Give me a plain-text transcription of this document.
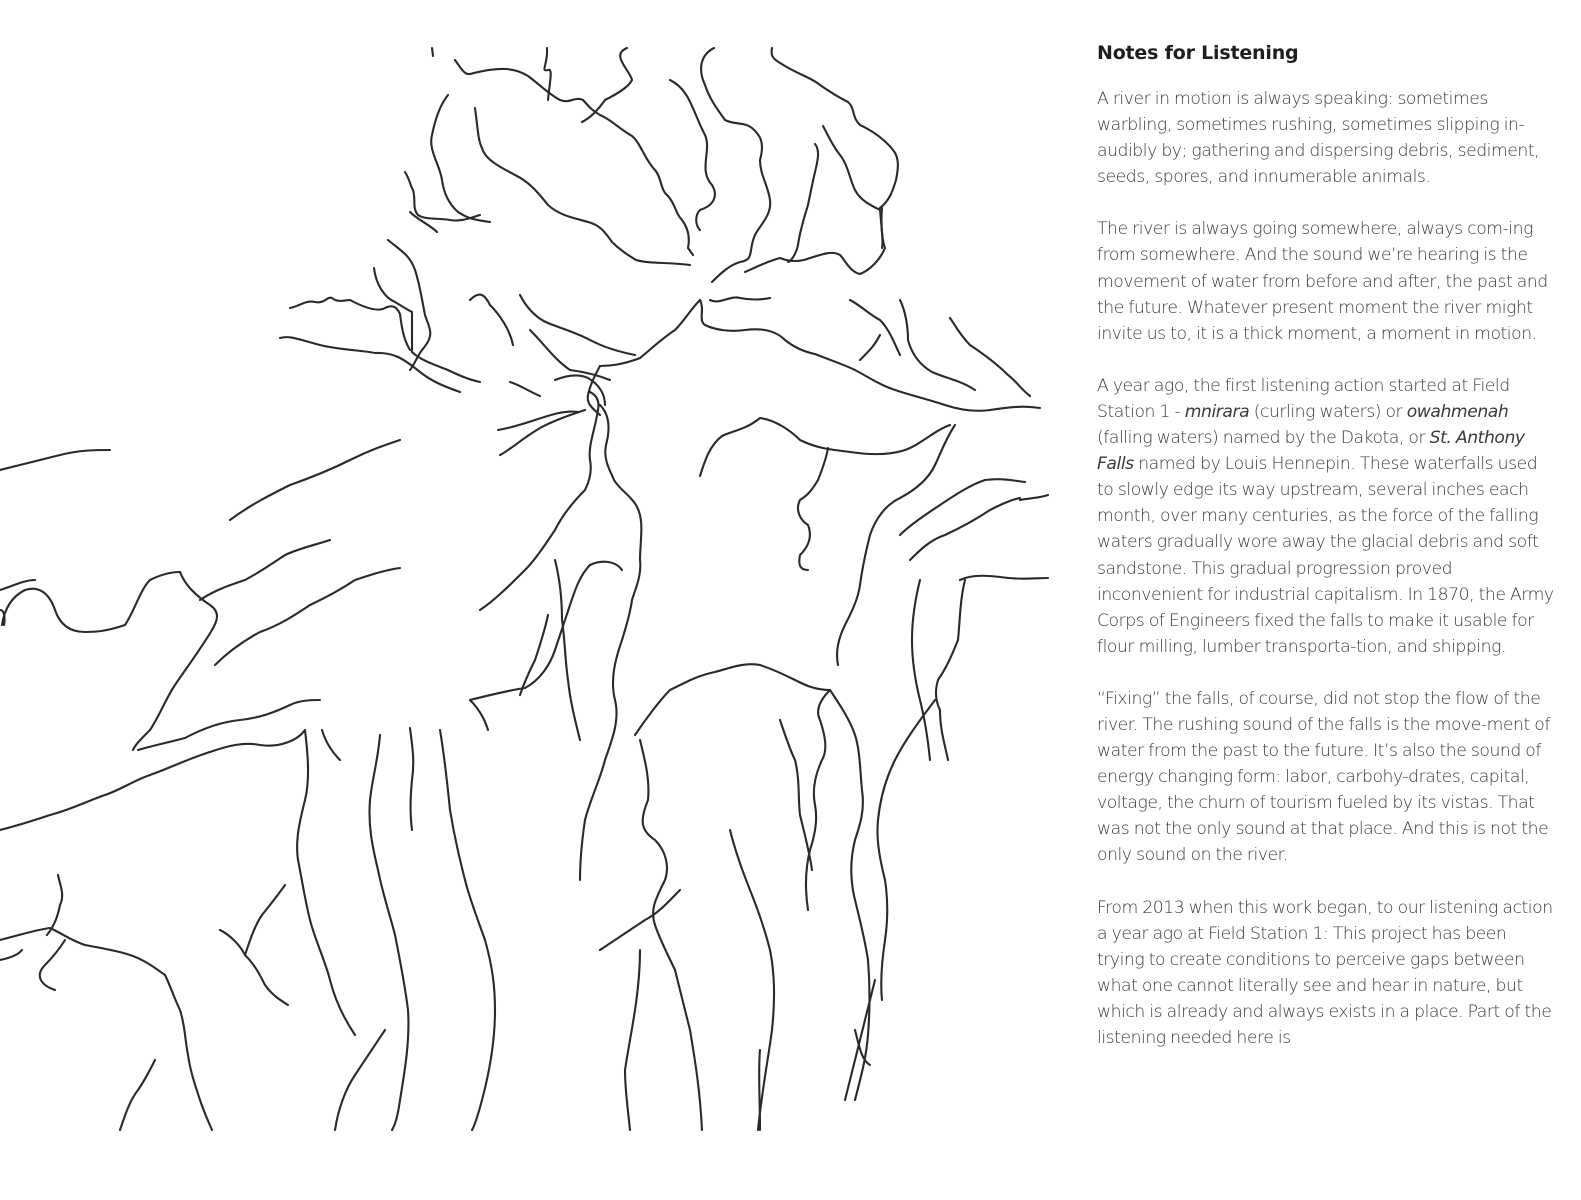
Notes for Listening

A river in motion is always speaking: sometimes warbling, sometimes rushing, sometimes slipping in-audibly by; gathering and dispersing debris, sediment, seeds, spores, and innumerable animals.

The river is always going somewhere, always com-ing from somewhere. And the sound we’re hearing is the movement of water from before and after, the past and the future. Whatever present moment the river might invite us to, it is a thick moment, a moment in motion.

A year ago, the first listening action started at Field Station 1 - mnirara (curling waters) or owahmenah (falling waters) named by the Dakota, or St. Anthony Falls named by Louis Hennepin. These waterfalls used to slowly edge its way upstream, several inches each month, over many centuries, as the force of the falling waters gradually wore away the glacial debris and soft sandstone. This gradual progression proved inconvenient for industrial capitalism. In 1870, the Army Corps of Engineers fixed the falls to make it usable for flour milling, lumber transporta-tion, and shipping.

“Fixing” the falls, of course, did not stop the flow of the river. The rushing sound of the falls is the move-ment of water from the past to the future. It’s also the sound of energy changing form: labor, carbohy-drates, capital, voltage, the churn of tourism fueled by its vistas. That was not the only sound at that place. And this is not the only sound on the river.

From 2013 when this work began, to our listening action a year ago at Field Station 1: This project has been trying to create conditions to perceive gaps between what one cannot literally see and hear in nature, but which is already and always exists in a place. Part of the listening needed here is
